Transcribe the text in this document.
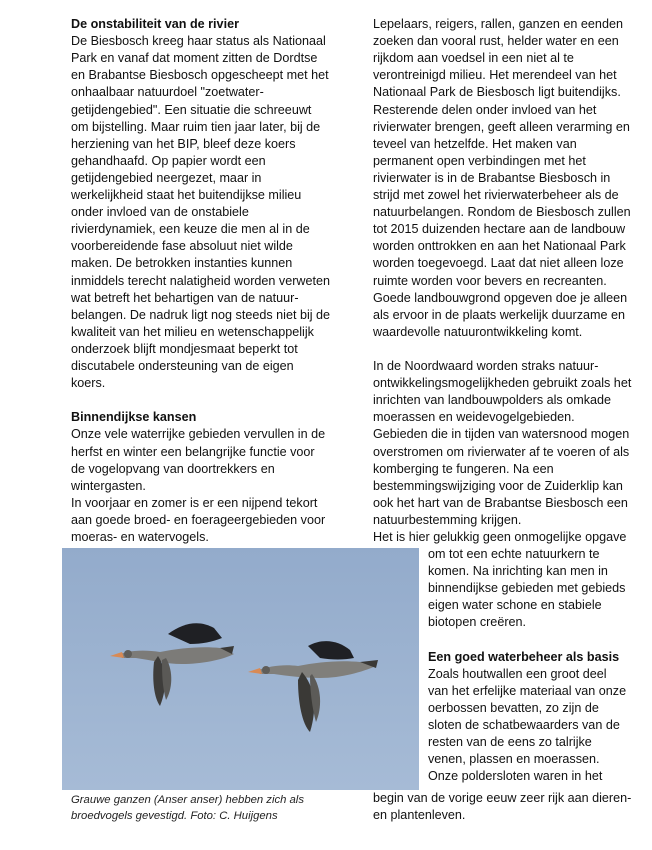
De onstabiliteit van de rivier
De Biesbosch kreeg haar status als Nationaal
Park en vanaf dat moment zitten de Dordtse
en Brabantse Biesbosch opgescheept met het
onhaalbaar natuurdoel "zoetwater-
getijdengebied". Een situatie die schreeuwt
om bijstelling. Maar ruim tien jaar later, bij de
herziening van het BIP, bleef deze koers
gehandhaafd. Op papier wordt een
getijdengebied neergezet, maar in
werkelijkheid staat het buitendijkse milieu
onder invloed van de onstabiele
rivierdynamiek, een keuze die men al in de
voorbereidende fase absoluut niet wilde
maken. De betrokken instanties kunnen
inmiddels terecht nalatigheid worden verweten
wat betreft het behartigen van de natuur-
belangen. De nadruk ligt nog steeds niet bij de
kwaliteit van het milieu en wetenschappelijk
onderzoek blijft mondjesmaat beperkt tot
discutabele ondersteuning van de eigen
koers.
Binnendijkse kansen
Onze vele waterrijke gebieden vervullen in de
herfst en winter een belangrijke functie voor
de vogelopvang van doortrekkers en
wintergasten.
In voorjaar en zomer is er een nijpend tekort
aan goede broed- en foerageergebieden voor
moeras- en watervogels.
Lepelaars, reigers, rallen, ganzen en eenden
zoeken dan vooral rust, helder water en een
rijkdom aan voedsel in een niet al te
verontreinigd milieu. Het merendeel van het
Nationaal Park de Biesbosch ligt buitendijks.
Resterende delen onder invloed van het
rivierwater brengen, geeft alleen verarming en
teveel van hetzelfde. Het maken van
permanent open verbindingen met het
rivierwater is in de Brabantse Biesbosch in
strijd met zowel het rivierwaterbeheer als de
natuurbelangen. Rondom de Biesbosch zullen
tot 2015 duizenden hectare aan de landbouw
worden onttrokken en aan het Nationaal Park
worden toegevoegd. Laat dat niet alleen loze
ruimte worden voor bevers en recreanten.
Goede landbouwgrond opgeven doe je alleen
als ervoor in de plaats werkelijk duurzame en
waardevolle natuurontwikkeling komt.
In de Noordwaard worden straks natuur-
ontwikkelingsmogelijkheden gebruikt zoals het
inrichten van landbouwpolders als omkade
moerassen en weidevogelgebieden.
Gebieden die in tijden van watersnood mogen
overstromen om rivierwater af te voeren of als
komberging te fungeren. Na een
bestemmingswijziging voor de Zuiderklip kan
ook het hart van de Brabantse Biesbosch een
natuurbestemming krijgen.
Het is hier gelukkig geen onmogelijke opgave
om tot een echte natuurkern te
komen. Na inrichting kan men in
binnendijkse gebieden met gebieds
eigen water schone en stabiele
biotopen creëren.
Een goed waterbeheer als basis
Zoals houtwallen een groot deel
van het erfelijke materiaal van onze
oerbossen bevatten, zo zijn de
sloten de schatbewaarders van de
resten van de eens zo talrijke
venen, plassen en moerassen.
Onze poldersloten waren in het
begin van de vorige eeuw zeer rijk aan dieren-
en plantenleven.
Grauwe ganzen (Anser anser) hebben zich als
broedvogels gevestigd. Foto: C. Huijgens
